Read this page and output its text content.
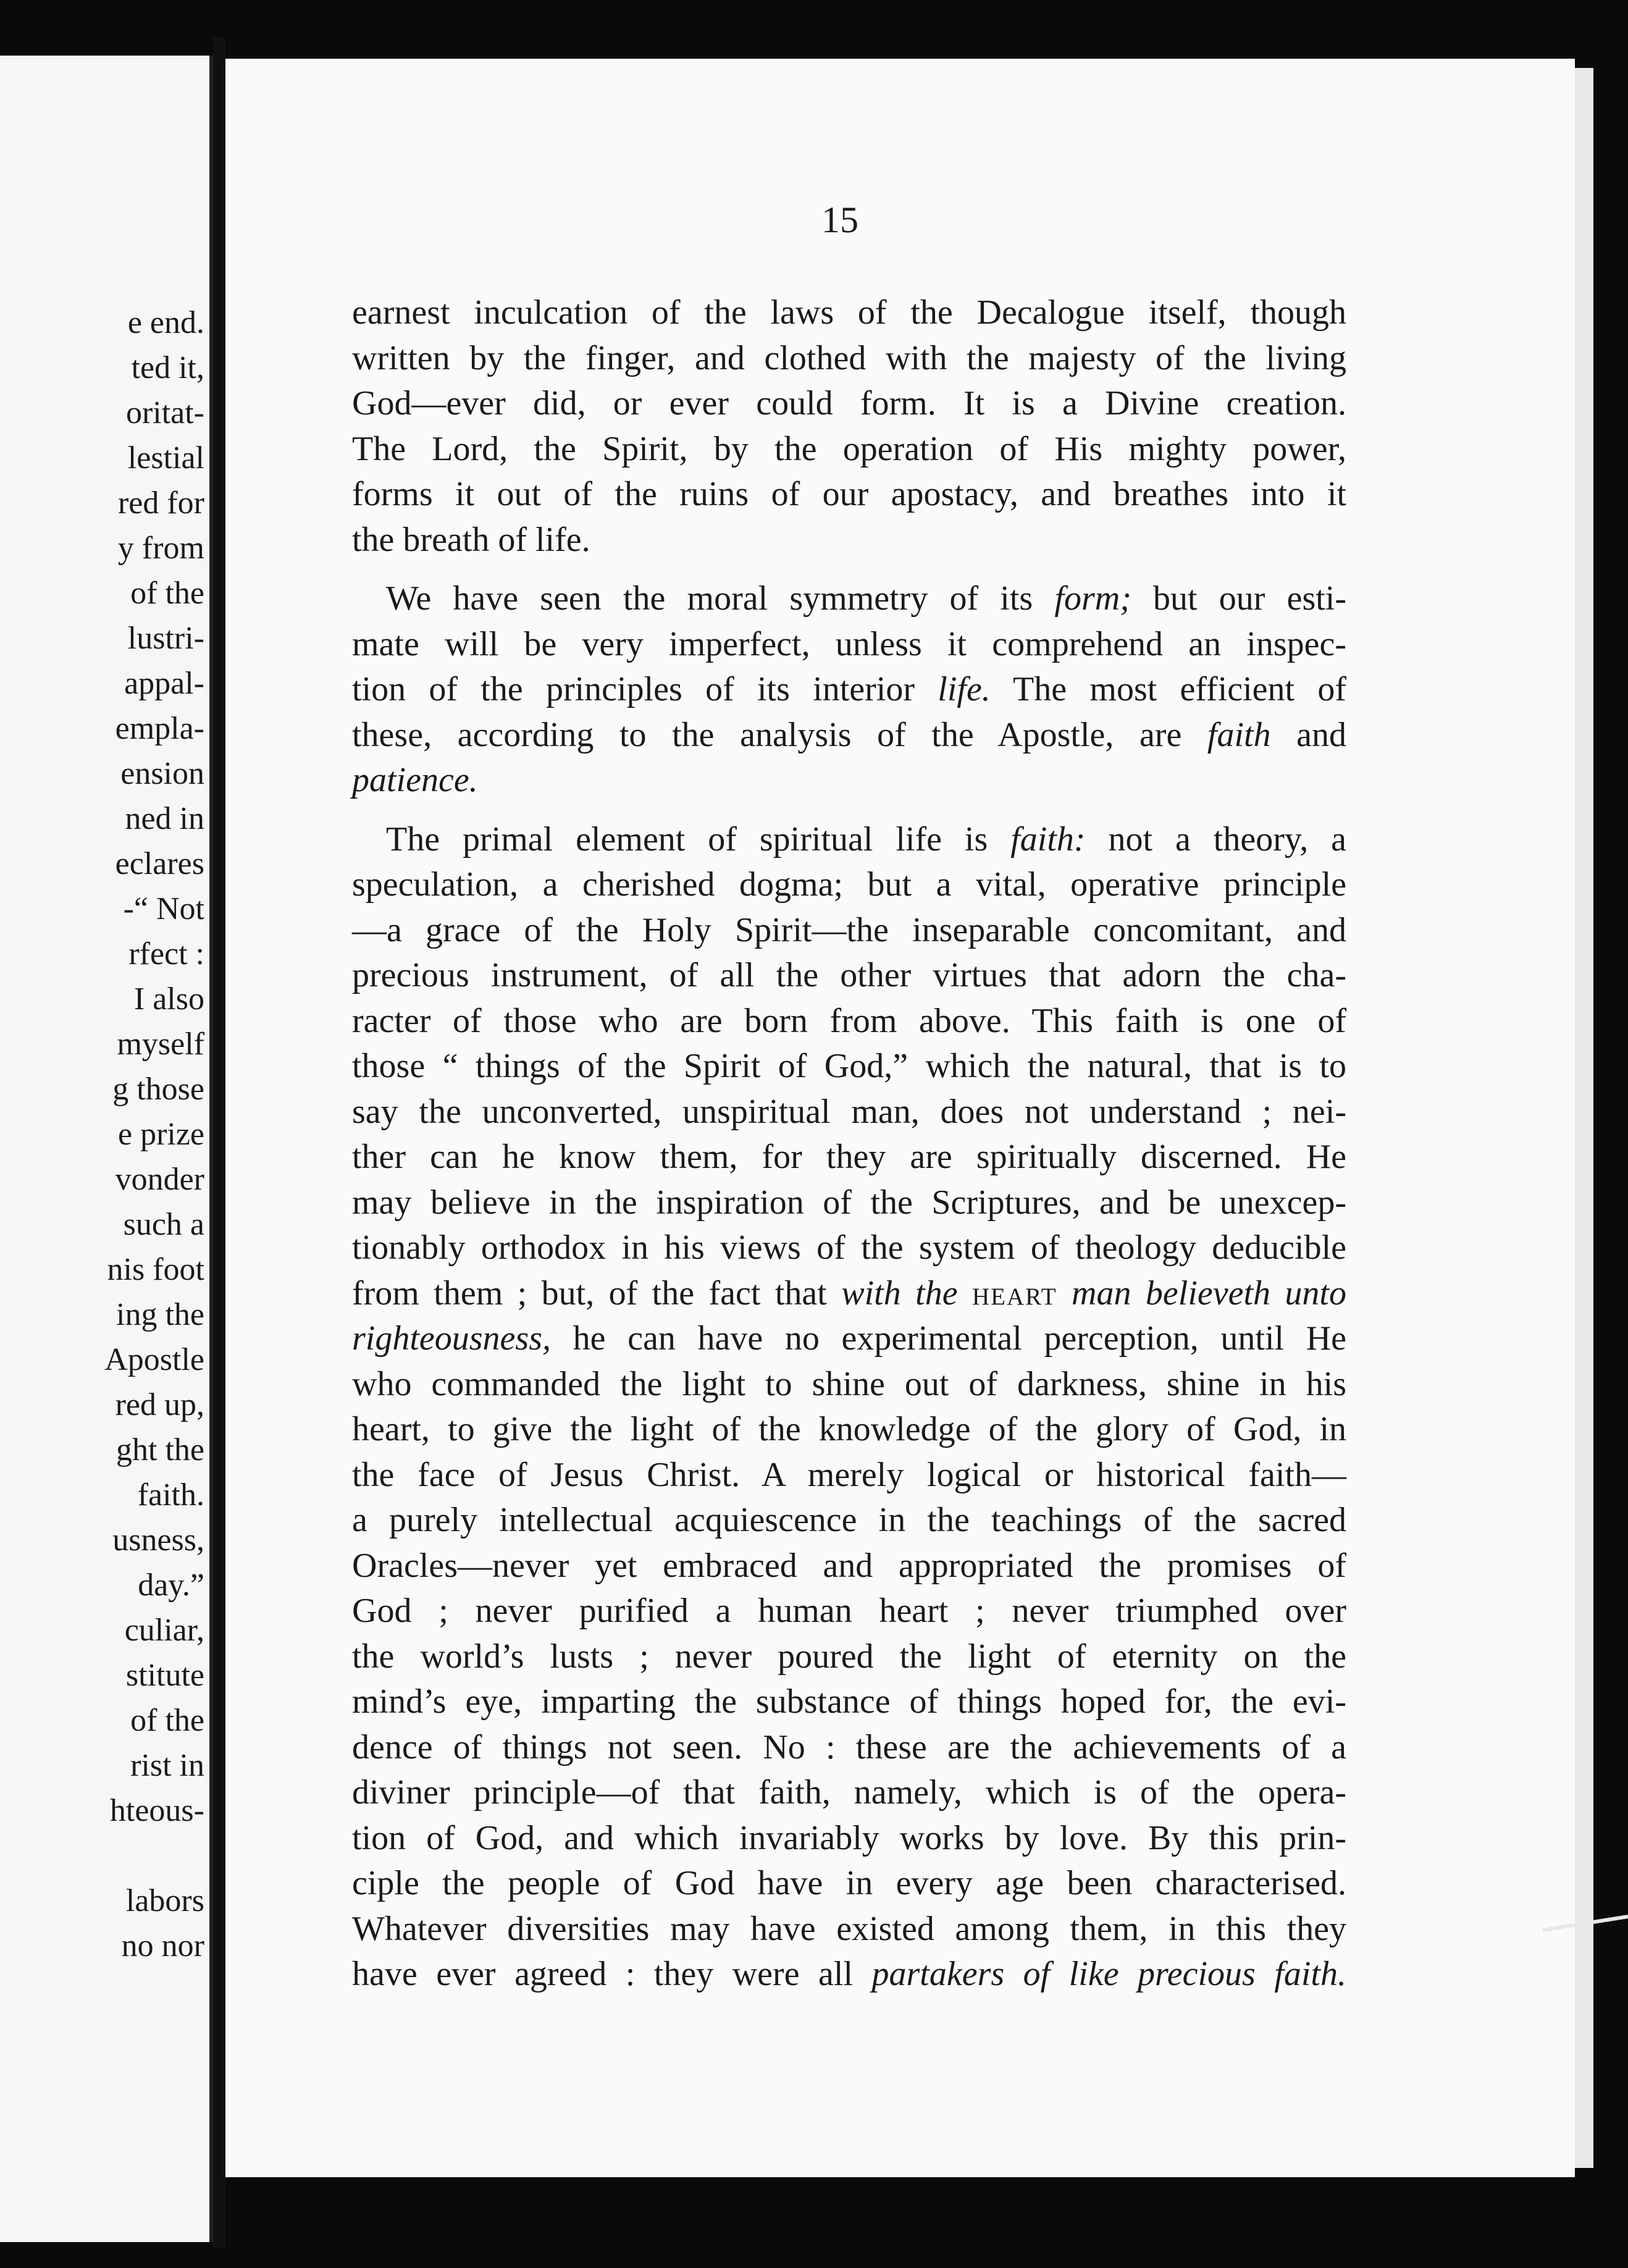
e end.
ted it,
oritat-
lestial
red for
y from
of the
lustri-
appal-
empla-
ension
ned in
eclares
-“ Not
rfect :
I also
myself
g those
e prize
vonder
such a
nis foot
ing the
Apostle
red up,
ght the
faith.
usness,
day.”
culiar,
stitute
of the
rist in
hteous-
labors
no nor
15

earnest inculcation of the laws of the Decalogue itself, though

written by the finger, and clothed with the majesty of the living

God—ever did, or ever could form. It is a Divine creation.

The Lord, the Spirit, by the operation of His mighty power,

forms it out of the ruins of our apostacy, and breathes into it

the breath of life.

We have seen the moral symmetry of its form; but our esti-

mate will be very imperfect, unless it comprehend an inspec-

tion of the principles of its interior life. The most efficient of

these, according to the analysis of the Apostle, are faith and

patience.

The primal element of spiritual life is faith: not a theory, a

speculation, a cherished dogma; but a vital, operative principle

—a grace of the Holy Spirit—the inseparable concomitant, and

precious instrument, of all the other virtues that adorn the cha-

racter of those who are born from above. This faith is one of

those “ things of the Spirit of God,” which the natural, that is to

say the unconverted, unspiritual man, does not understand ; nei-

ther can he know them, for they are spiritually discerned. He

may believe in the inspiration of the Scriptures, and be unexcep-

tionably orthodox in his views of the system of theology deducible

from them ; but, of the fact that with the heart man believeth unto

righteousness, he can have no experimental perception, until He

who commanded the light to shine out of darkness, shine in his

heart, to give the light of the knowledge of the glory of God, in

the face of Jesus Christ. A merely logical or historical faith—

a purely intellectual acquiescence in the teachings of the sacred

Oracles—never yet embraced and appropriated the promises of

God ; never purified a human heart ; never triumphed over

the world’s lusts ; never poured the light of eternity on the

mind’s eye, imparting the substance of things hoped for, the evi-

dence of things not seen. No : these are the achievements of a

diviner principle—of that faith, namely, which is of the opera-

tion of God, and which invariably works by love. By this prin-

ciple the people of God have in every age been characterised.

Whatever diversities may have existed among them, in this they

have ever agreed : they were all partakers of like precious faith.
